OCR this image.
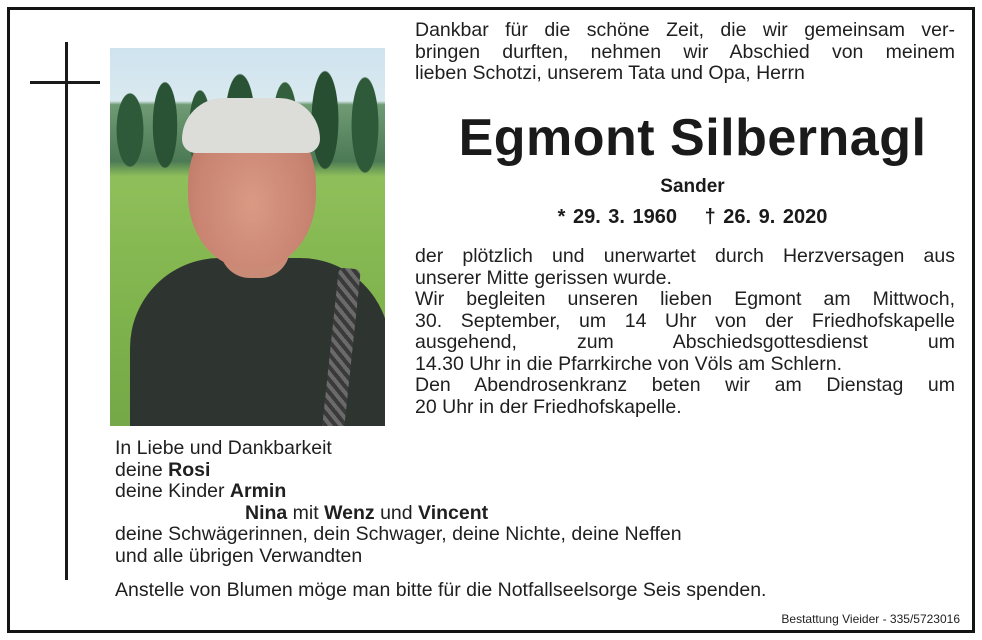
Dankbar für die schöne Zeit, die wir gemeinsam ver-

bringen durften, nehmen wir Abschied von meinem

lieben Schotzi, unserem Tata und Opa, Herrn

Egmont Silbernagl
Sander
* 29. 3. 1960 † 26. 9. 2020

der plötzlich und unerwartet durch Herzversagen aus

unserer Mitte gerissen wurde.

Wir begleiten unseren lieben Egmont am Mittwoch,

30. September, um 14 Uhr von der Friedhofskapelle

ausgehend, zum Abschiedsgottesdienst um

14.30 Uhr in die Pfarrkirche von Völs am Schlern.

Den Abendrosenkranz beten wir am Dienstag um

20 Uhr in der Friedhofskapelle.

In Liebe und Dankbarkeit

deine Rosi

deine Kinder Armin

Nina mit Wenz und Vincent

deine Schwägerinnen, dein Schwager, deine Nichte, deine Neffen

und alle übrigen Verwandten

Anstelle von Blumen möge man bitte für die Notfallseelsorge Seis spenden.
Bestattung Vieider - 335/5723016
